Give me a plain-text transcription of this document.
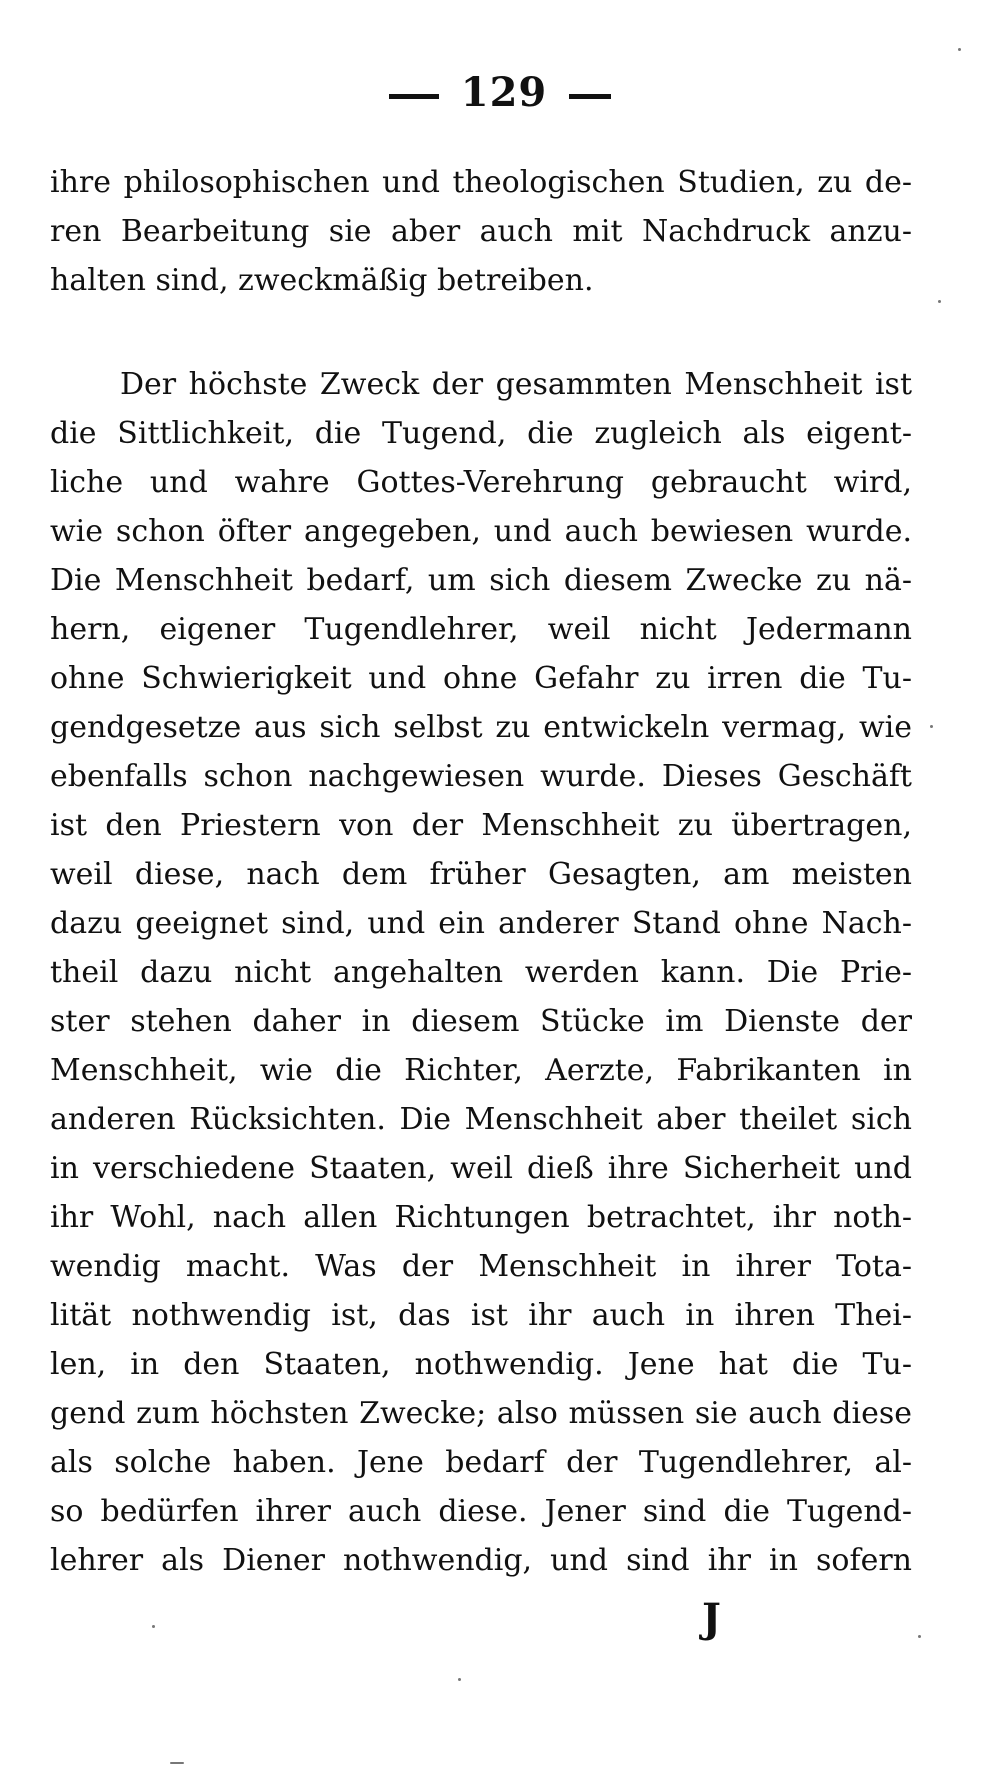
129
ihre philosophischen und theologischen Studien, zu de-
ren Bearbeitung sie aber auch mit Nachdruck anzu-
halten sind, zweckmäßig betreiben.
Der höchste Zweck der gesammten Menschheit ist
die Sittlichkeit, die Tugend, die zugleich als eigent-
liche und wahre Gottes-Verehrung gebraucht wird,
wie schon öfter angegeben, und auch bewiesen wurde.
Die Menschheit bedarf, um sich diesem Zwecke zu nä-
hern, eigener Tugendlehrer, weil nicht Jedermann
ohne Schwierigkeit und ohne Gefahr zu irren die Tu-
gendgesetze aus sich selbst zu entwickeln vermag, wie
ebenfalls schon nachgewiesen wurde. Dieses Geschäft
ist den Priestern von der Menschheit zu übertragen,
weil diese, nach dem früher Gesagten, am meisten
dazu geeignet sind, und ein anderer Stand ohne Nach-
theil dazu nicht angehalten werden kann. Die Prie-
ster stehen daher in diesem Stücke im Dienste der
Menschheit, wie die Richter, Aerzte, Fabrikanten in
anderen Rücksichten. Die Menschheit aber theilet sich
in verschiedene Staaten, weil dieß ihre Sicherheit und
ihr Wohl, nach allen Richtungen betrachtet, ihr noth-
wendig macht. Was der Menschheit in ihrer Tota-
lität nothwendig ist, das ist ihr auch in ihren Thei-
len, in den Staaten, nothwendig. Jene hat die Tu-
gend zum höchsten Zwecke; also müssen sie auch diese
als solche haben. Jene bedarf der Tugendlehrer, al-
so bedürfen ihrer auch diese. Jener sind die Tugend-
lehrer als Diener nothwendig, und sind ihr in sofern
J
